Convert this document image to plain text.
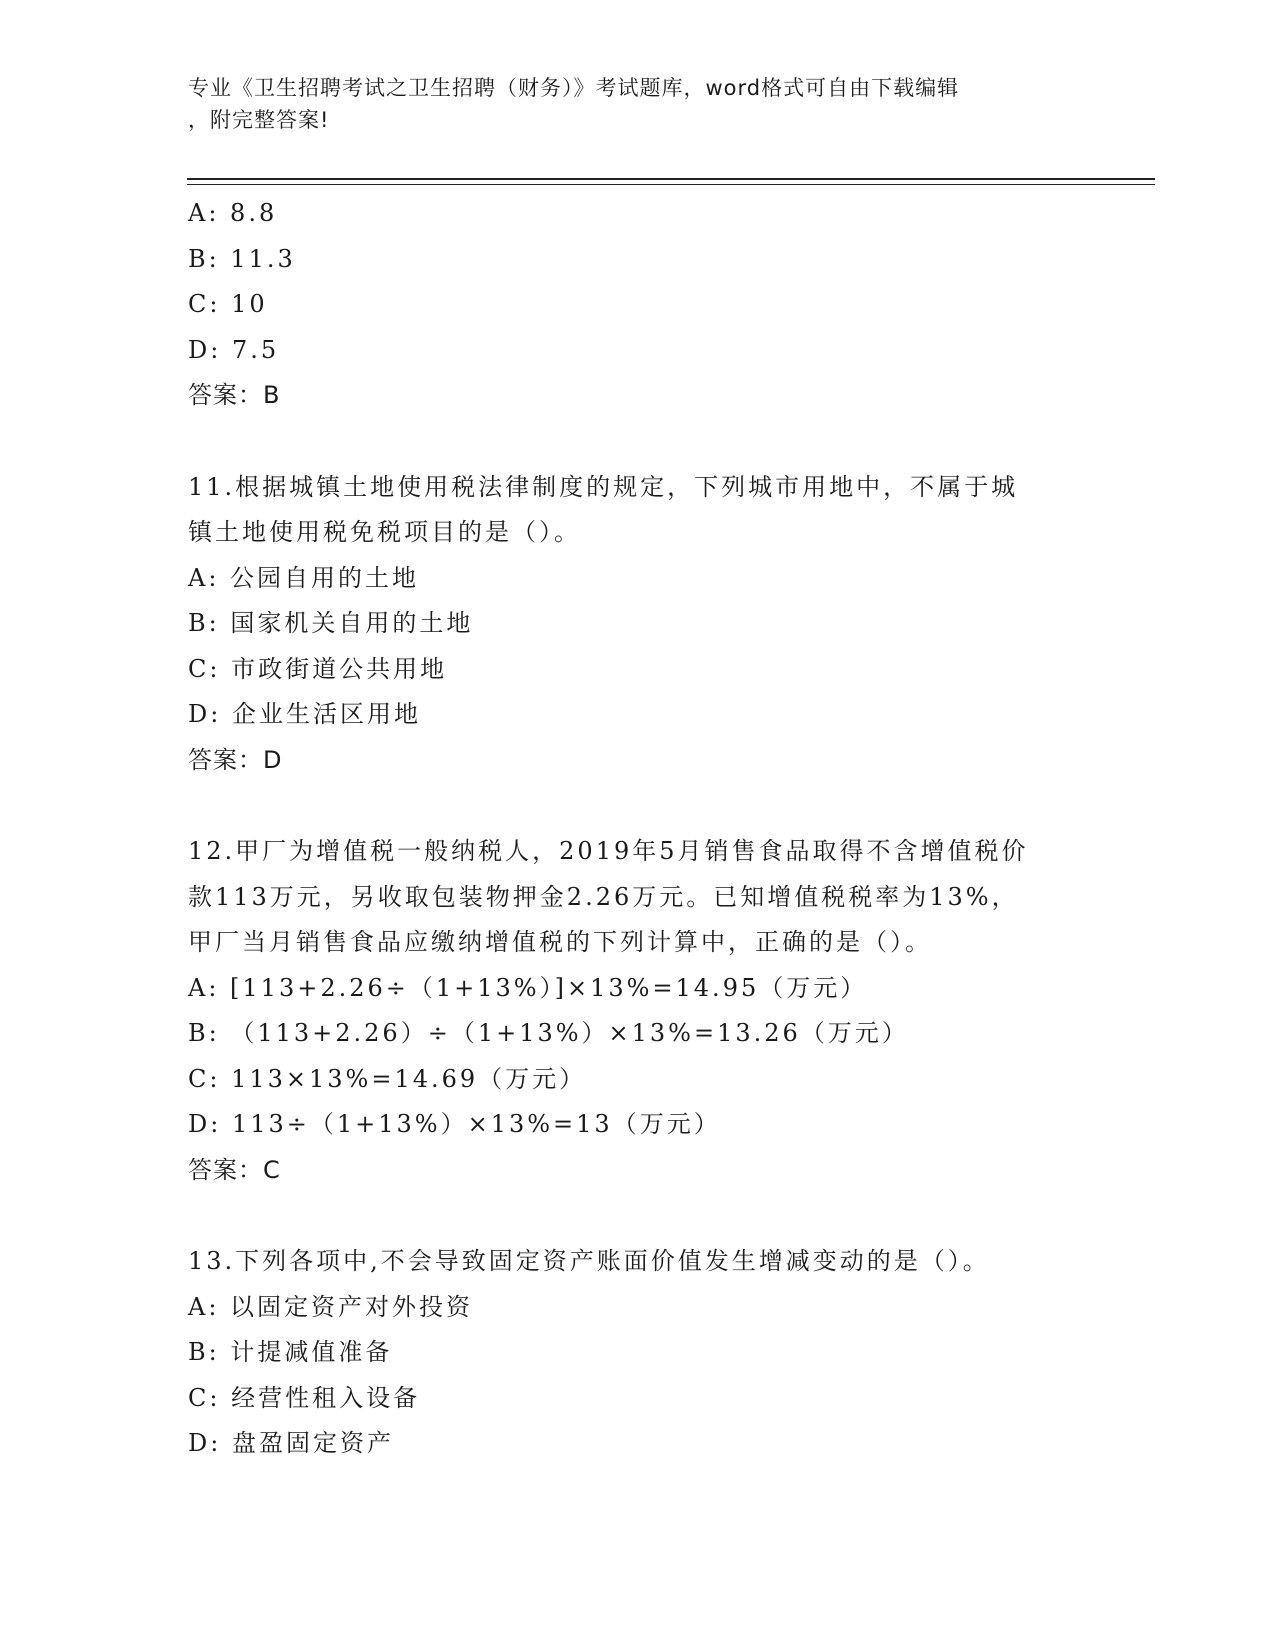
专业《卫生招聘考试之卫生招聘（财务）》考试题库，word格式可自由下载编辑
，附完整答案!
A: 8.8
B: 11.3
C: 10
D: 7.5
答案：B
11.根据城镇土地使用税法律制度的规定，下列城市用地中，不属于城
镇土地使用税免税项目的是（）。
A: 公园自用的土地
B: 国家机关自用的土地
C: 市政街道公共用地
D: 企业生活区用地
答案：D
12.甲厂为增值税一般纳税人，2019年5月销售食品取得不含增值税价
款113万元，另收取包装物押金2.26万元。已知增值税税率为13%，
甲厂当月销售食品应缴纳增值税的下列计算中，正确的是（）。
A: [113+2.26÷（1+13%）]×13%=14.95（万元）
B: （113+2.26）÷（1+13%）×13%=13.26（万元）
C: 113×13%=14.69（万元）
D: 113÷（1+13%）×13%=13（万元）
答案：C
13.下列各项中,不会导致固定资产账面价值发生增减变动的是（）。
A: 以固定资产对外投资
B: 计提减值准备
C: 经营性租入设备
D: 盘盈固定资产
